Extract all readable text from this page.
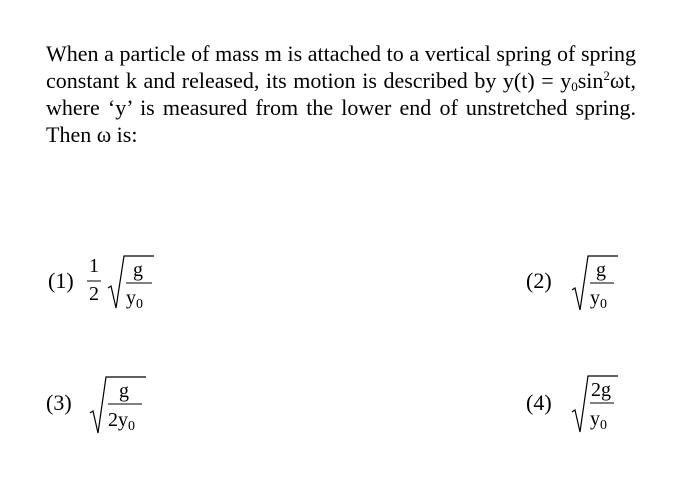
When a particle of mass m is attached to a vertical spring of spring constant k and released, its motion is described by $y(t) = y_0\sin^2\omega t$, where ‘y’ is measured from the lower end of unstretched spring. Then ω is:
(1)
1
2
g
$y_0$
(2) g
$y_0$
(3) g
$2y_0$
(4) 2g
$y_0$
